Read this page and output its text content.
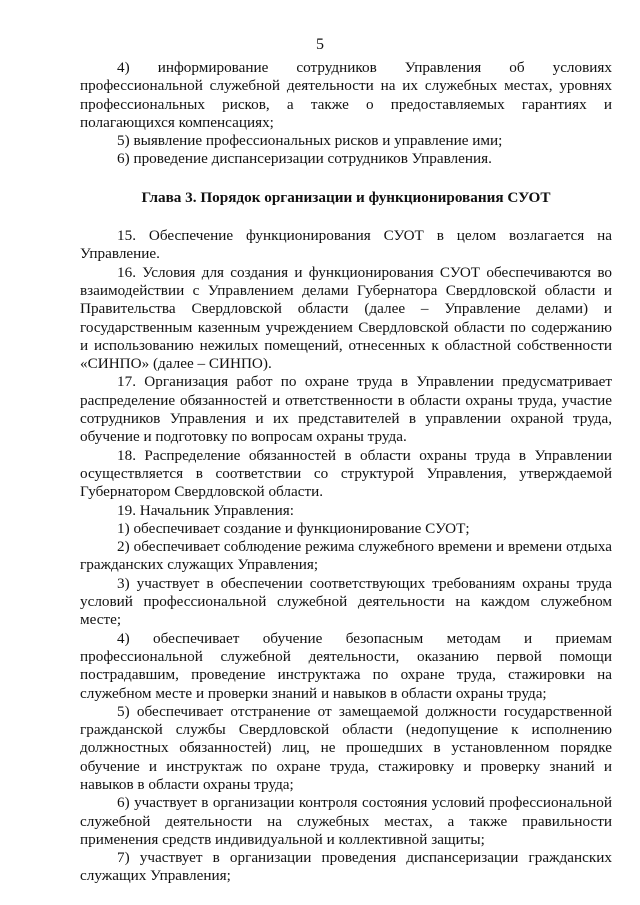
5

4) информирование сотрудников Управления об условиях профессиональной служебной деятельности на их служебных местах, уровнях профессиональных рисков, а также о предоставляемых гарантиях и полагающихся компенсациях;

5) выявление профессиональных рисков и управление ими;

6) проведение диспансеризации сотрудников Управления.

Глава 3. Порядок организации и функционирования СУОТ

15. Обеспечение функционирования СУОТ в целом возлагается на Управление.

16. Условия для создания и функционирования СУОТ обеспечиваются во взаимодействии с Управлением делами Губернатора Свердловской области и Правительства Свердловской области (далее – Управление делами) и государственным казенным учреждением Свердловской области по содержанию и использованию нежилых помещений, отнесенных к областной собственности «СИНПО» (далее – СИНПО).

17. Организация работ по охране труда в Управлении предусматривает распределение обязанностей и ответственности в области охраны труда, участие сотрудников Управления и их представителей в управлении охраной труда, обучение и подготовку по вопросам охраны труда.

18. Распределение обязанностей в области охраны труда в Управлении осуществляется в соответствии со структурой Управления, утверждаемой Губернатором Свердловской области.

19. Начальник Управления:

1) обеспечивает создание и функционирование СУОТ;

2) обеспечивает соблюдение режима служебного времени и времени отдыха гражданских служащих Управления;

3) участвует в обеспечении соответствующих требованиям охраны труда условий профессиональной служебной деятельности на каждом служебном месте;

4) обеспечивает обучение безопасным методам и приемам профессиональной служебной деятельности, оказанию первой помощи пострадавшим, проведение инструктажа по охране труда, стажировки на служебном месте и проверки знаний и навыков в области охраны труда;

5) обеспечивает отстранение от замещаемой должности государственной гражданской службы Свердловской области (недопущение к исполнению должностных обязанностей) лиц, не прошедших в установленном порядке обучение и инструктаж по охране труда, стажировку и проверку знаний и навыков в области охраны труда;

6) участвует в организации контроля состояния условий профессиональной служебной деятельности на служебных местах, а также правильности применения средств индивидуальной и коллективной защиты;

7) участвует в организации проведения диспансеризации гражданских служащих Управления;
